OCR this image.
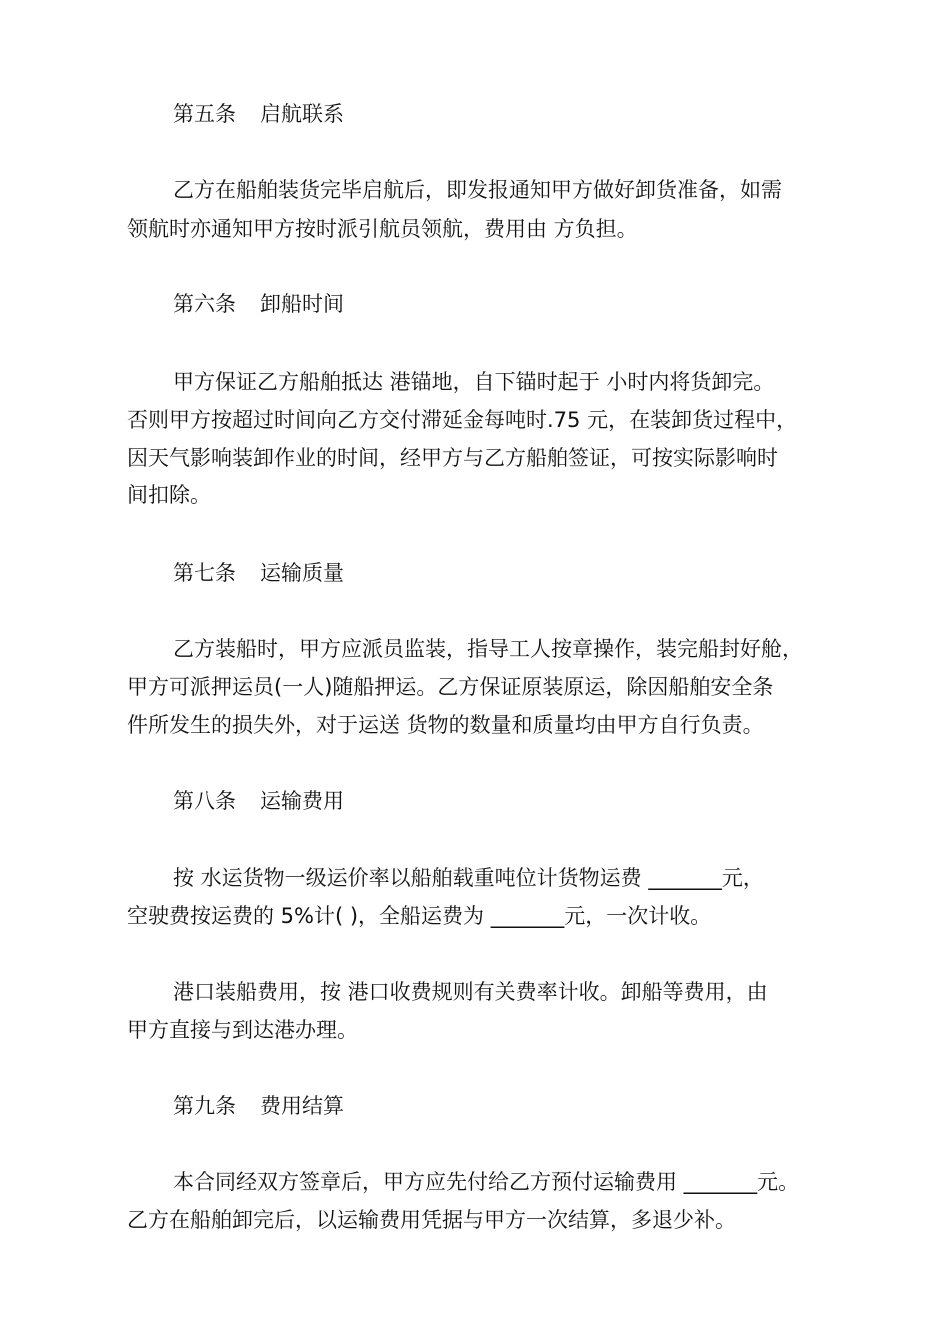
第五条 启航联系
乙方在船舶装货完毕启航后，即发报通知甲方做好卸货准备，如需
领航时亦通知甲方按时派引航员领航，费用由 方负担。
第六条 卸船时间
甲方保证乙方船舶抵达 港锚地，自下锚时起于 小时内将货卸完。
否则甲方按超过时间向乙方交付滞延金每吨时.75 元，在装卸货过程中，
因天气影响装卸作业的时间，经甲方与乙方船舶签证，可按实际影响时
间扣除。
第七条 运输质量
乙方装船时，甲方应派员监装，指导工人按章操作，装完船封好舱，
甲方可派押运员(一人)随船押运。乙方保证原装原运，除因船舶安全条
件所发生的损失外，对于运送 货物的数量和质量均由甲方自行负责。
第八条 运输费用
按 水运货物一级运价率以船舶载重吨位计货物运费 _______元，
空驶费按运费的 5%计( )，全船运费为 _______元，一次计收。
港口装船费用，按 港口收费规则有关费率计收。卸船等费用，由
甲方直接与到达港办理。
第九条 费用结算
本合同经双方签章后，甲方应先付给乙方预付运输费用 _______元。
乙方在船舶卸完后，以运输费用凭据与甲方一次结算，多退少补。
